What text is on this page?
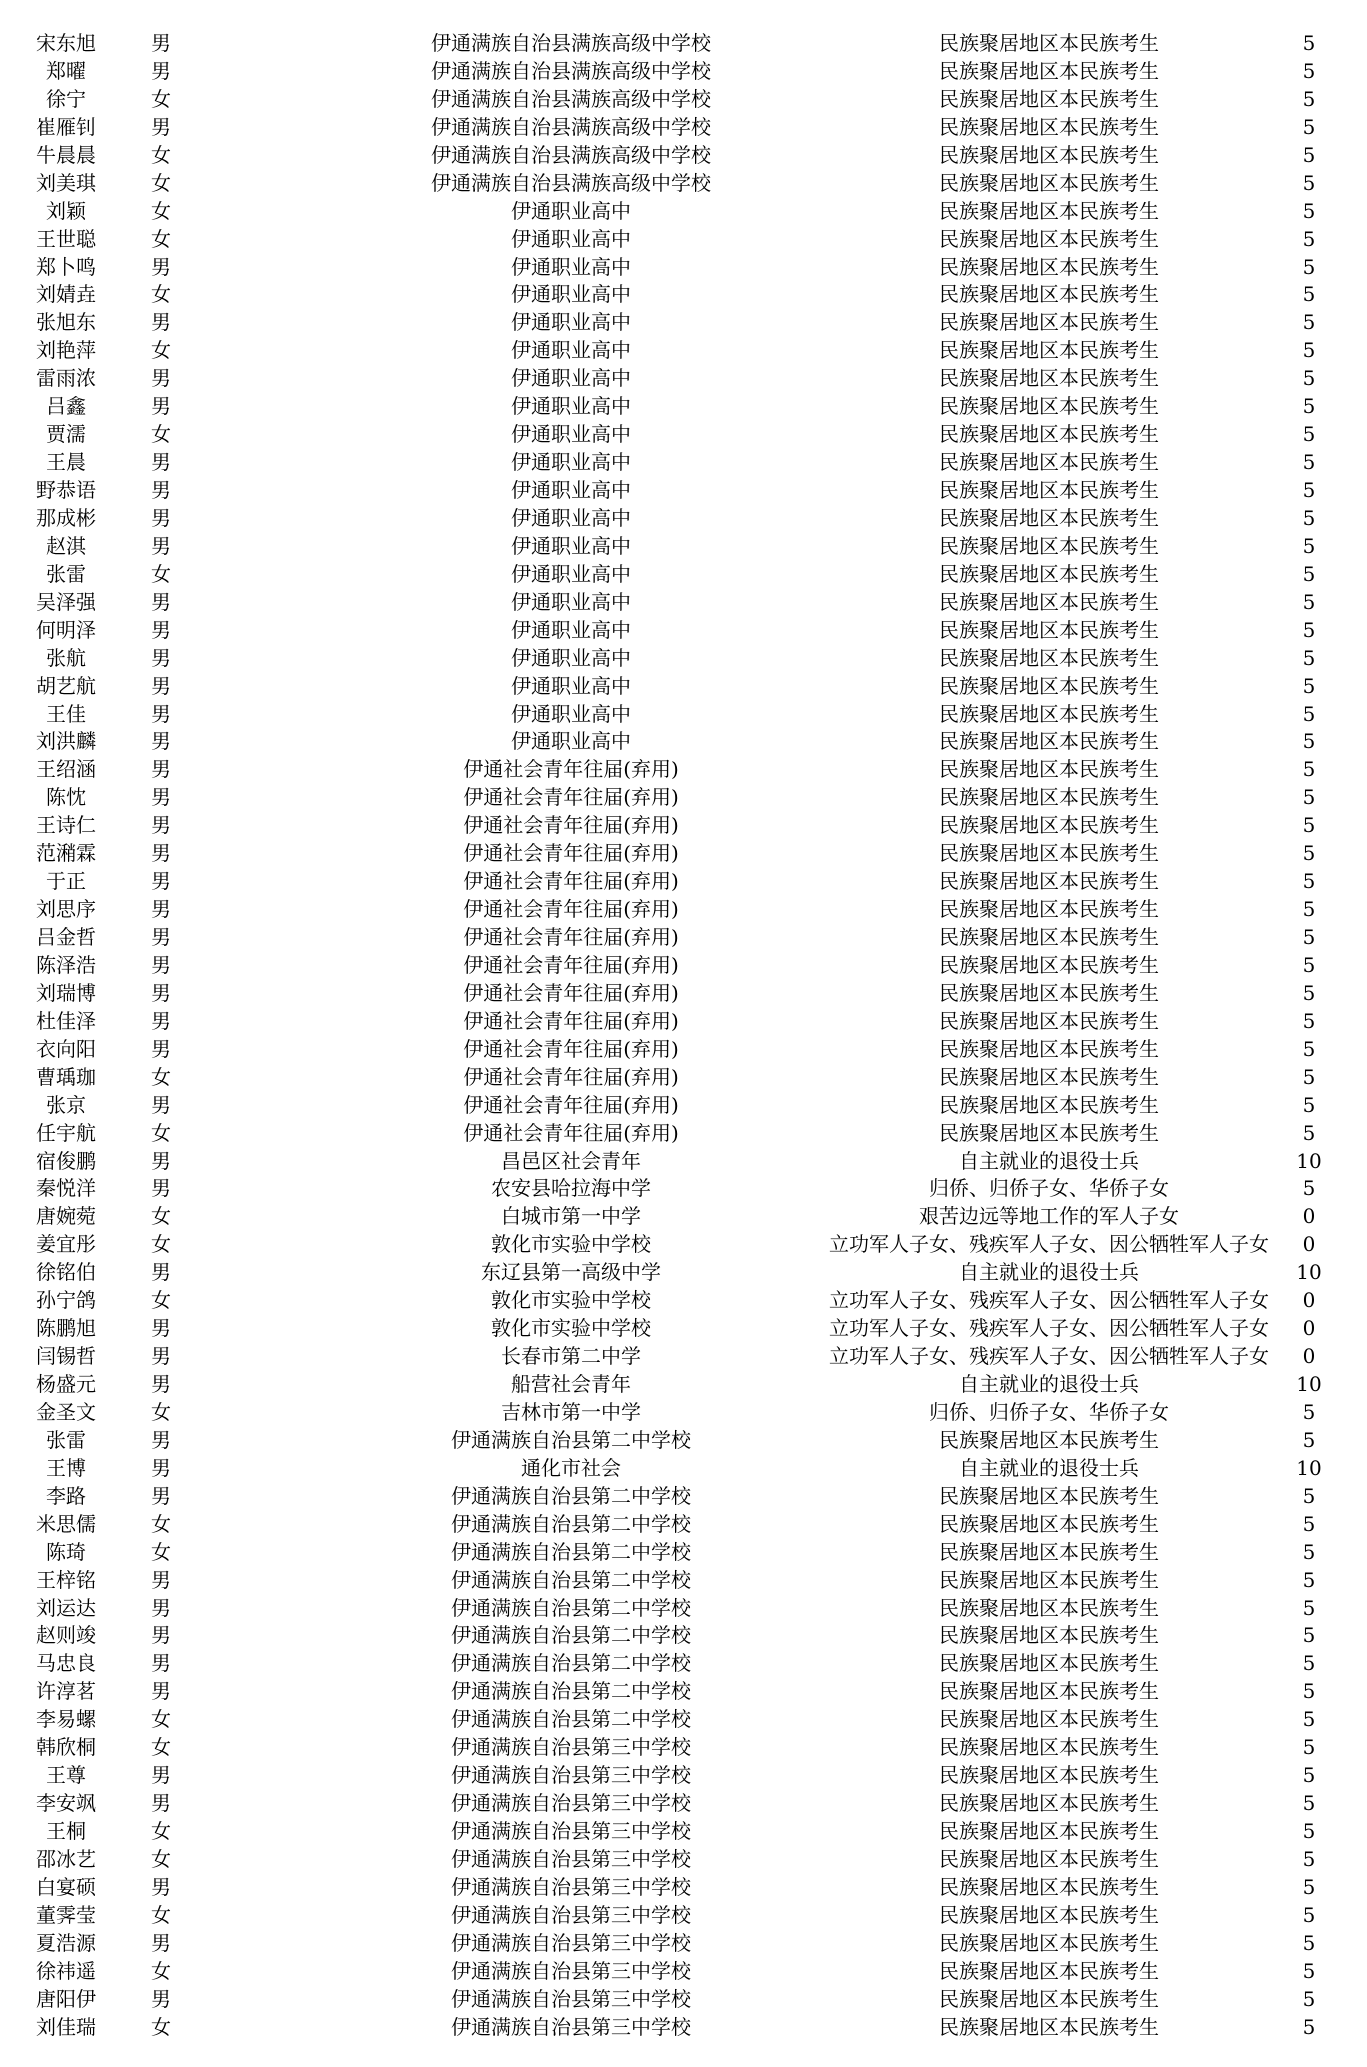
宋东旭	男	伊通满族自治县满族高级中学校	民族聚居地区本民族考生	5
郑曜	男	伊通满族自治县满族高级中学校	民族聚居地区本民族考生	5
徐宁	女	伊通满族自治县满族高级中学校	民族聚居地区本民族考生	5
崔雁钊	男	伊通满族自治县满族高级中学校	民族聚居地区本民族考生	5
牛晨晨	女	伊通满族自治县满族高级中学校	民族聚居地区本民族考生	5
刘美琪	女	伊通满族自治县满族高级中学校	民族聚居地区本民族考生	5
刘颖	女	伊通职业高中	民族聚居地区本民族考生	5
王世聪	女	伊通职业高中	民族聚居地区本民族考生	5
郑卜鸣	男	伊通职业高中	民族聚居地区本民族考生	5
刘婧垚	女	伊通职业高中	民族聚居地区本民族考生	5
张旭东	男	伊通职业高中	民族聚居地区本民族考生	5
刘艳萍	女	伊通职业高中	民族聚居地区本民族考生	5
雷雨浓	男	伊通职业高中	民族聚居地区本民族考生	5
吕鑫	男	伊通职业高中	民族聚居地区本民族考生	5
贾濡	女	伊通职业高中	民族聚居地区本民族考生	5
王晨	男	伊通职业高中	民族聚居地区本民族考生	5
野恭语	男	伊通职业高中	民族聚居地区本民族考生	5
那成彬	男	伊通职业高中	民族聚居地区本民族考生	5
赵淇	男	伊通职业高中	民族聚居地区本民族考生	5
张雷	女	伊通职业高中	民族聚居地区本民族考生	5
吴泽强	男	伊通职业高中	民族聚居地区本民族考生	5
何明泽	男	伊通职业高中	民族聚居地区本民族考生	5
张航	男	伊通职业高中	民族聚居地区本民族考生	5
胡艺航	男	伊通职业高中	民族聚居地区本民族考生	5
王佳	男	伊通职业高中	民族聚居地区本民族考生	5
刘洪麟	男	伊通职业高中	民族聚居地区本民族考生	5
王绍涵	男	伊通社会青年往届(弃用)	民族聚居地区本民族考生	5
陈忱	男	伊通社会青年往届(弃用)	民族聚居地区本民族考生	5
王诗仁	男	伊通社会青年往届(弃用)	民族聚居地区本民族考生	5
范潲霖	男	伊通社会青年往届(弃用)	民族聚居地区本民族考生	5
于正	男	伊通社会青年往届(弃用)	民族聚居地区本民族考生	5
刘思序	男	伊通社会青年往届(弃用)	民族聚居地区本民族考生	5
吕金哲	男	伊通社会青年往届(弃用)	民族聚居地区本民族考生	5
陈泽浩	男	伊通社会青年往届(弃用)	民族聚居地区本民族考生	5
刘瑞博	男	伊通社会青年往届(弃用)	民族聚居地区本民族考生	5
杜佳泽	男	伊通社会青年往届(弃用)	民族聚居地区本民族考生	5
衣向阳	男	伊通社会青年往届(弃用)	民族聚居地区本民族考生	5
曹瑀珈	女	伊通社会青年往届(弃用)	民族聚居地区本民族考生	5
张京	男	伊通社会青年往届(弃用)	民族聚居地区本民族考生	5
任宇航	女	伊通社会青年往届(弃用)	民族聚居地区本民族考生	5
宿俊鹏	男	昌邑区社会青年	自主就业的退役士兵	10
秦悦洋	男	农安县哈拉海中学	归侨、归侨子女、华侨子女	5
唐婉菀	女	白城市第一中学	艰苦边远等地工作的军人子女	0
姜宜彤	女	敦化市实验中学校	立功军人子女、残疾军人子女、因公牺牲军人子女 0
徐铭伯	男	东辽县第一高级中学	自主就业的退役士兵	10
孙宁鸽	女	敦化市实验中学校	立功军人子女、残疾军人子女、因公牺牲军人子女 0
陈鹏旭	男	敦化市实验中学校	立功军人子女、残疾军人子女、因公牺牲军人子女 0
闫锡哲	男	长春市第二中学	立功军人子女、残疾军人子女、因公牺牲军人子女 0
杨盛元	男	船营社会青年	自主就业的退役士兵	10
金圣文	女	吉林市第一中学	归侨、归侨子女、华侨子女	5
张雷	男	伊通满族自治县第二中学校	民族聚居地区本民族考生	5
王博	男	通化市社会	自主就业的退役士兵	10
李路	男	伊通满族自治县第二中学校	民族聚居地区本民族考生	5
米思儒	女	伊通满族自治县第二中学校	民族聚居地区本民族考生	5
陈琦	女	伊通满族自治县第二中学校	民族聚居地区本民族考生	5
王梓铭	男	伊通满族自治县第二中学校	民族聚居地区本民族考生	5
刘运达	男	伊通满族自治县第二中学校	民族聚居地区本民族考生	5
赵则竣	男	伊通满族自治县第二中学校	民族聚居地区本民族考生	5
马忠良	男	伊通满族自治县第二中学校	民族聚居地区本民族考生	5
许淳茗	男	伊通满族自治县第二中学校	民族聚居地区本民族考生	5
李易螺	女	伊通满族自治县第二中学校	民族聚居地区本民族考生	5
韩欣桐	女	伊通满族自治县第三中学校	民族聚居地区本民族考生	5
王尊	男	伊通满族自治县第三中学校	民族聚居地区本民族考生	5
李安飒	男	伊通满族自治县第三中学校	民族聚居地区本民族考生	5
王桐	女	伊通满族自治县第三中学校	民族聚居地区本民族考生	5
邵冰艺	女	伊通满族自治县第三中学校	民族聚居地区本民族考生	5
白宴硕	男	伊通满族自治县第三中学校	民族聚居地区本民族考生	5
董霁莹	女	伊通满族自治县第三中学校	民族聚居地区本民族考生	5
夏浩源	男	伊通满族自治县第三中学校	民族聚居地区本民族考生	5
徐祎遥	女	伊通满族自治县第三中学校	民族聚居地区本民族考生	5
唐阳伊	男	伊通满族自治县第三中学校	民族聚居地区本民族考生	5
刘佳瑞	女	伊通满族自治县第三中学校	民族聚居地区本民族考生	5
